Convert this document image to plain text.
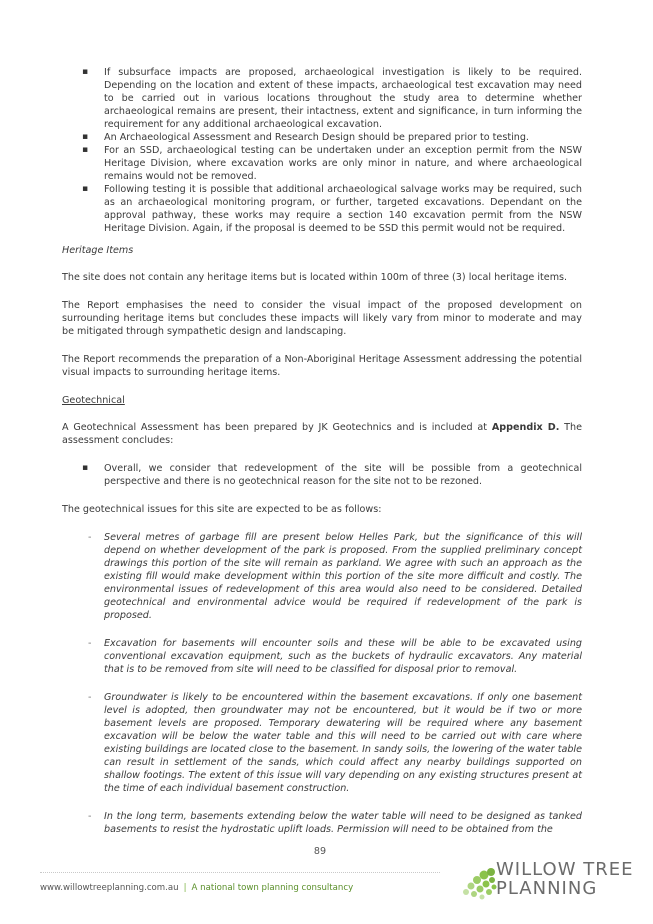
▪ If subsurface impacts are proposed, archaeological investigation is likely to be required. Depending on the location and extent of these impacts, archaeological test excavation may need to be carried out in various locations throughout the study area to determine whether archaeological remains are present, their intactness, extent and significance, in turn informing the requirement for any additional archaeological excavation.
▪ An Archaeological Assessment and Research Design should be prepared prior to testing.
▪ For an SSD, archaeological testing can be undertaken under an exception permit from the NSW Heritage Division, where excavation works are only minor in nature, and where archaeological remains would not be removed.
▪ Following testing it is possible that additional archaeological salvage works may be required, such as an archaeological monitoring program, or further, targeted excavations. Dependant on the approval pathway, these works may require a section 140 excavation permit from the NSW Heritage Division. Again, if the proposal is deemed to be SSD this permit would not be required.
Heritage Items

The site does not contain any heritage items but is located within 100m of three (3) local heritage items.

The Report emphasises the need to consider the visual impact of the proposed development on surrounding heritage items but concludes these impacts will likely vary from minor to moderate and may be mitigated through sympathetic design and landscaping.

The Report recommends the preparation of a Non-Aboriginal Heritage Assessment addressing the potential visual impacts to surrounding heritage items.

Geotechnical

A Geotechnical Assessment has been prepared by JK Geotechnics and is included at Appendix D. The assessment concludes:

▪ Overall, we consider that redevelopment of the site will be possible from a geotechnical perspective and there is no geotechnical reason for the site not to be rezoned.

The geotechnical issues for this site are expected to be as follows:

- Several metres of garbage fill are present below Helles Park, but the significance of this will depend on whether development of the park is proposed. From the supplied preliminary concept drawings this portion of the site will remain as parkland. We agree with such an approach as the existing fill would make development within this portion of the site more difficult and costly. The environmental issues of redevelopment of this area would also need to be considered. Detailed geotechnical and environmental advice would be required if redevelopment of the park is proposed.
- Excavation for basements will encounter soils and these will be able to be excavated using conventional excavation equipment, such as the buckets of hydraulic excavators. Any material that is to be removed from site will need to be classified for disposal prior to removal.
- Groundwater is likely to be encountered within the basement excavations. If only one basement level is adopted, then groundwater may not be encountered, but it would be if two or more basement levels are proposed. Temporary dewatering will be required where any basement excavation will be below the water table and this will need to be carried out with care where existing buildings are located close to the basement. In sandy soils, the lowering of the water table can result in settlement of the sands, which could affect any nearby buildings supported on shallow footings. The extent of this issue will vary depending on any existing structures present at the time of each individual basement construction.
- In the long term, basements extending below the water table will need to be designed as tanked basements to resist the hydrostatic uplift loads. Permission will need to be obtained from the
89
www.willowtreeplanning.com.au | A national town planning consultancy
WILLOW TREE
PLANNING
